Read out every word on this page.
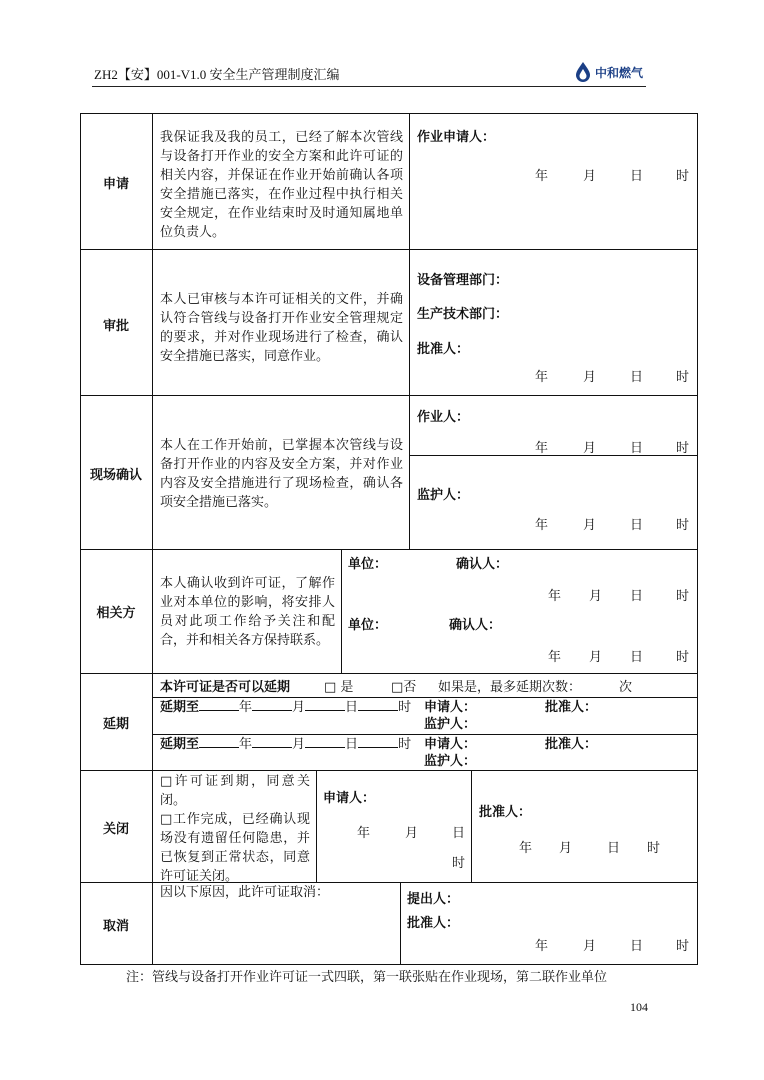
ZH2【安】001-V1.0 安全生产管理制度汇编	中和燃气
申请
我保证我及我的员工，已经了解本次管线与设备打开作业的安全方案和此许可证的相关内容，并保证在作业开始前确认各项安全措施已落实，在作业过程中执行相关安全规定，在作业结束时及时通知属地单位负责人。
作业申请人：
年	月	日	时
审批
本人已审核与本许可证相关的文件，并确认符合管线与设备打开作业安全管理规定的要求，并对作业现场进行了检查，确认安全措施已落实，同意作业。
设备管理部门：
生产技术部门：
批准人：
年	月	日	时
现场确认
本人在工作开始前，已掌握本次管线与设备打开作业的内容及安全方案，并对作业内容及安全措施进行了现场检查，确认各项安全措施已落实。
作业人：
年	月	日	时
监护人：
年	月	日	时
相关方
本人确认收到许可证，了解作业对本单位的影响，将安排人员对此项工作给予关注和配合，并和相关各方保持联系。
单位：	确认人：
年 月 日	时
单位：	确认人：
年 月 日	时
延期
本许可证是否可以延期	□ 是	□否 如果是，最多延期次数：	次
延期至	年	月	日	时 申请人：	批准人：
监护人：
延期至	年	月	日	时 申请人：	批准人：
监护人：
关闭
□许可证到期，同意关闭。
□工作完成，已经确认现场没有遗留任何隐患，并已恢复到正常状态，同意许可证关闭。
申请人：
年	月	日
时
批准人：
年 月	日 时
取消
因以下原因，此许可证取消：	提出人：
批准人：
年	月	日	时
注：管线与设备打开作业许可证一式四联，第一联张贴在作业现场，第二联作业单位
104
